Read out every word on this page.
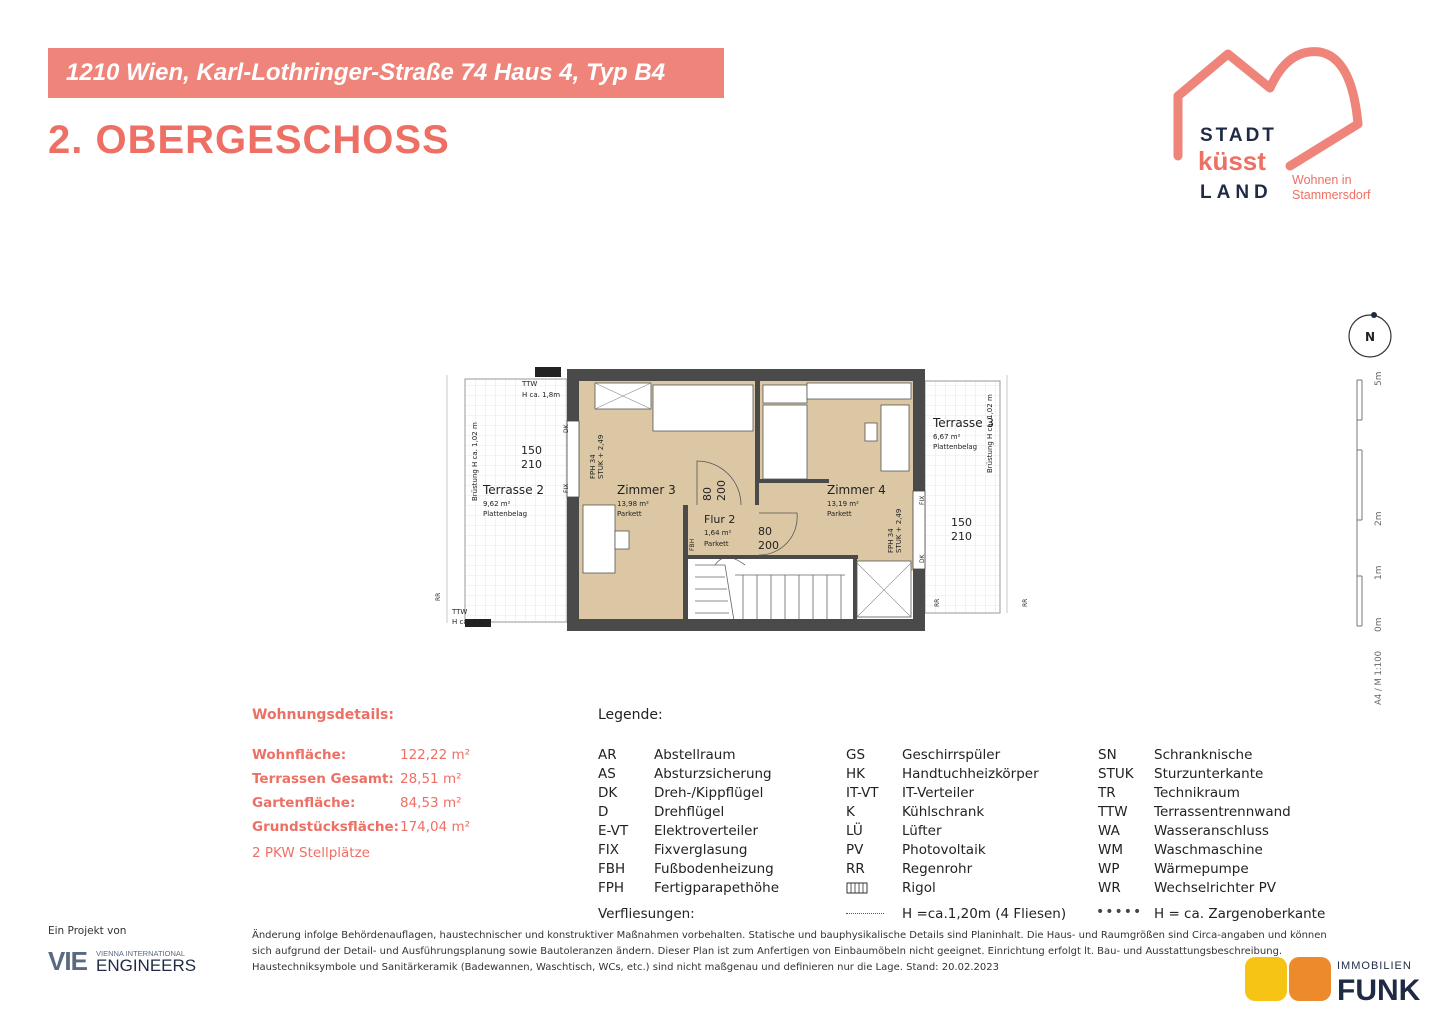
1210 Wien, Karl-Lothringer-Straße 74 Haus 4, Typ B4
2. OBERGESCHOSS	STADT
küsst
LAND
Wohnen in
Stammersdorf
N
5m
2m
1m
0m
A4 / M 1:100
TTW
H ca. 1,8m
TTW
H ca. 1,8m
Brüstung H ca. 1,02 m	Brüstung H ca. 1,02 m
150
210
150
210
Terrasse 2
9,62 m²
Plattenbelag
Terrasse 3
6,67 m²
Plattenbelag
Zimmer 3
13,98 m²
Parkett
Zimmer 4
13,19 m²
Parkett
Flur 2
1,64 m²
Parkett
80 200
80
200
FPH 34 STUK + 2,49
FPH 34 STUK + 2,49
DK
FIX
FIX
DK
FBH
RR
RR	RR
Wohnungsdetails:
Wohnfläche:	122,22 m²
Terrassen Gesamt: 28,51 m²
Gartenfläche:	84,53 m²
Grundstücksfläche: 174,04 m²
2 PKW Stellplätze
Legende:
AR	Abstellraum
AS	Absturzsicherung
DK	Dreh-/Kippflügel
D	Drehflügel
E-VT Elektroverteiler
FIX	Fixverglasung
FBH Fußbodenheizung
FPH Fertigparapethöhe
GS	Geschirrspüler
HK	Handtuchheizkörper
IT-VT IT-Verteiler
K	Kühlschrank
LÜ	Lüfter
PV	Photovoltaik
RR	Regenrohr
Rigol
SN	Schranknische
STUK Sturzunterkante
TR	Technikraum
TTW Terrassentrennwand
WA	Wasseranschluss
WM Waschmaschine
WP	Wärmepumpe
WR Wechselrichter PV
Verfliesungen:	H =ca.1,20m (4 Fliesen) ••••• H = ca. Zargenoberkante
Änderung infolge Behördenauflagen, haustechnischer und konstruktiver Maßnahmen vorbehalten. Statische und bauphysikalische Details sind Planinhalt. Die Haus- und Raumgrößen sind Circa-angaben und können sich aufgrund der Detail- und Ausführungsplanung sowie Bautoleranzen ändern. Dieser Plan ist zum Anfertigen von Einbaumöbeln nicht geeignet. Einrichtung erfolgt lt. Bau- und Ausstattungsbeschreibung. Haustechniksymbole und Sanitärkeramik (Badewannen, Waschtisch, WCs, etc.) sind nicht maßgenau und definieren nur die Lage. Stand: 20.02.2023
Ein Projekt von
VIE VIENNA INTERNATIONAL
ENGINEERS	IMMOBILIEN
FUNK
